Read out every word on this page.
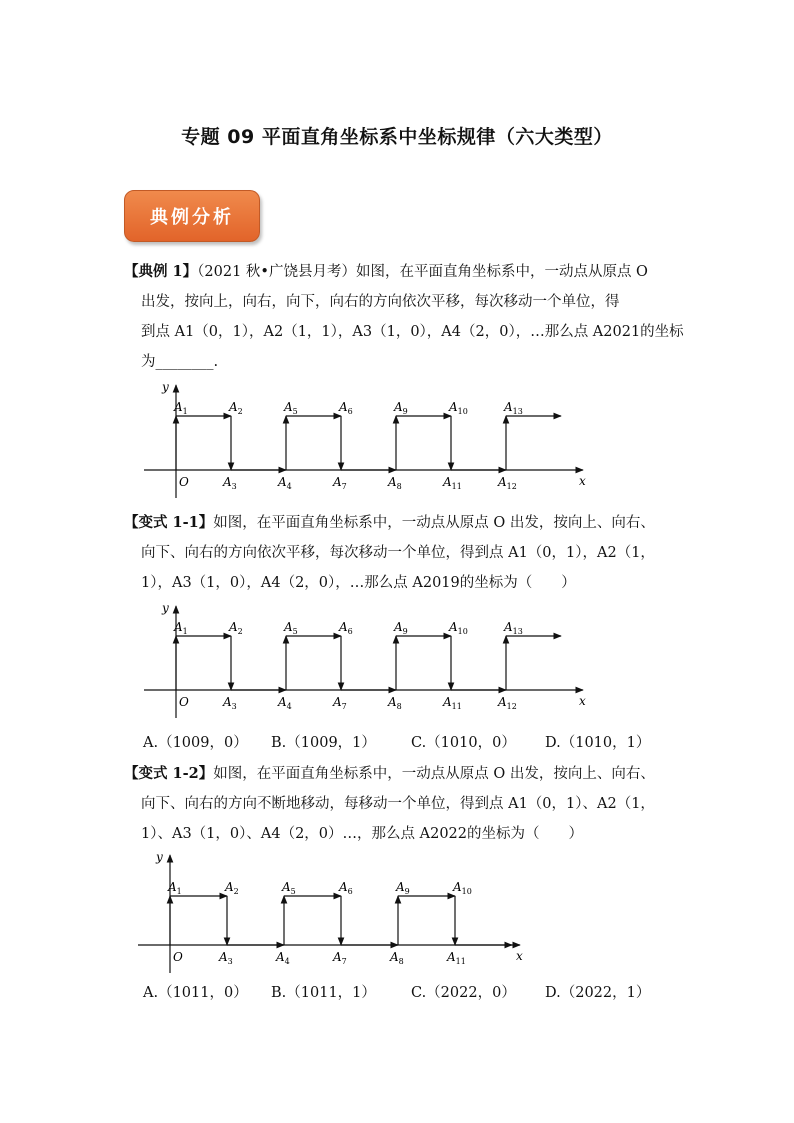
专题 09 平面直角坐标系中坐标规律（六大类型）
典例分析
【典例 1】（2021 秋•广饶县月考）如图，在平面直角坐标系中，一动点从原点 O
出发，按向上，向右，向下，向右的方向依次平移，每次移动一个单位，得
到点 A1（0，1），A2（1，1），A3（1，0），A4（2，0），…那么点 A2021的坐标
为________.
【变式 1-1】如图，在平面直角坐标系中，一动点从原点 O 出发，按向上、向右、
向下、向右的方向依次平移，每次移动一个单位，得到点 A1（0，1），A2（1，
1），A3（1，0），A4（2，0），…那么点 A2019的坐标为（　　）
A.（1009，0） B.（1009，1） C.（1010，0） D.（1010，1）
【变式 1-2】如图，在平面直角坐标系中，一动点从原点 O 出发，按向上、向右、
向下、向右的方向不断地移动，每移动一个单位，得到点 A1（0，1）、A2（1，
1）、A3（1，0）、A4（2，0）…，那么点 A2022的坐标为（　　）
A.（1011，0） B.（1011，1） C.（2022，0） D.（2022，1）
y
x
O
$A_1$	$A_2$	$A_5$	$A_6$	$A_9$	$A_{10}$	$A_{13}$
$A_3$	$A_4$	$A_7$	$A_8$	$A_{11}$	$A_{12}$
y
x
O
$A_1$	$A_2$	$A_5$	$A_6$	$A_9$	$A_{10}$	$A_{13}$
$A_3$	$A_4$	$A_7$	$A_8$	$A_{11}$	$A_{12}$
y
x
O
$A_1$	$A_2$	$A_5$	$A_6$	$A_9$	$A_{10}$
$A_3$	$A_4$	$A_7$	$A_8$	$A_{11}$
